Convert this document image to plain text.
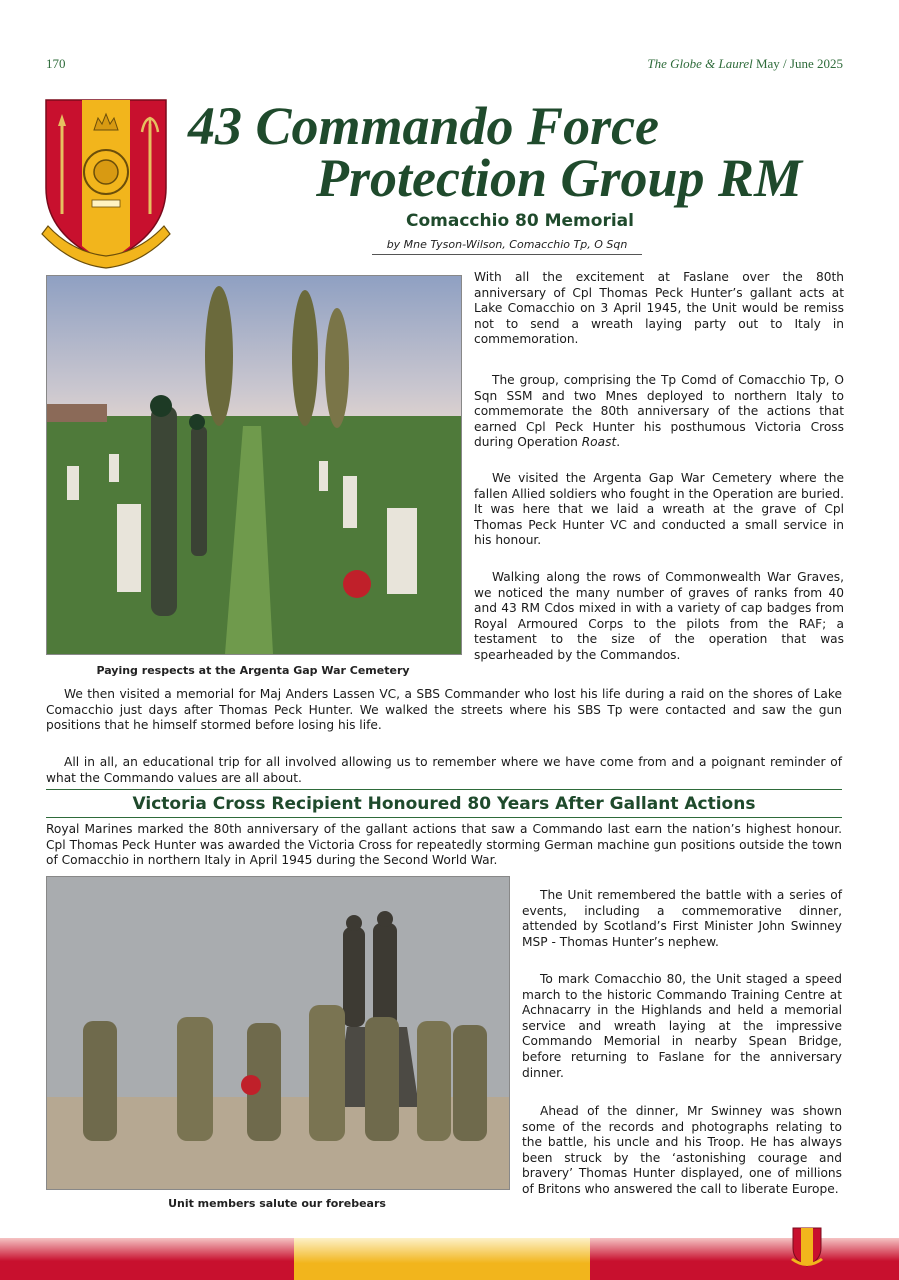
170	The Globe & Laurel May / June 2025
43 Commando Force
Protection Group RM
Comacchio 80 Memorial
by Mne Tyson-Wilson, Comacchio Tp, O Sqn
Paying respects at the Argenta Gap War Cemetery

With all the excitement at Faslane over the 80th anniversary of Cpl Thomas Peck Hunter’s gallant acts at Lake Comacchio on 3 April 1945, the Unit would be remiss not to send a wreath laying party out to Italy in commemoration.

The group, comprising the Tp Comd of Comacchio Tp, O Sqn SSM and two Mnes deployed to northern Italy to commemorate the 80th anniversary of the actions that earned Cpl Peck Hunter his posthumous Victoria Cross during Operation Roast.

We visited the Argenta Gap War Cemetery where the fallen Allied soldiers who fought in the Operation are buried. It was here that we laid a wreath at the grave of Cpl Thomas Peck Hunter VC and conducted a small service in his honour.

Walking along the rows of Commonwealth War Graves, we noticed the many number of graves of ranks from 40 and 43 RM Cdos mixed in with a variety of cap badges from Royal Armoured Corps to the pilots from the RAF; a testament to the size of the operation that was spearheaded by the Commandos.

We then visited a memorial for Maj Anders Lassen VC, a SBS Commander who lost his life during a raid on the shores of Lake Comacchio just days after Thomas Peck Hunter. We walked the streets where his SBS Tp were contacted and saw the gun positions that he himself stormed before losing his life.

All in all, an educational trip for all involved allowing us to remember where we have come from and a poignant reminder of what the Commando values are all about.

Victoria Cross Recipient Honoured 80 Years After Gallant Actions

Royal Marines marked the 80th anniversary of the gallant actions that saw a Commando last earn the nation’s highest honour. Cpl Thomas Peck Hunter was awarded the Victoria Cross for repeatedly storming German machine gun positions outside the town of Comacchio in northern Italy in April 1945 during the Second World War.

Unit members salute our forebears

The Unit remembered the battle with a series of events, including a commemorative dinner, attended by Scotland’s First Minister John Swinney MSP - Thomas Hunter’s nephew.

To mark Comacchio 80, the Unit staged a speed march to the historic Commando Training Centre at Achnacarry in the Highlands and held a memorial service and wreath laying at the impressive Commando Memorial in nearby Spean Bridge, before returning to Faslane for the anniversary dinner.

Ahead of the dinner, Mr Swinney was shown some of the records and photographs relating to the battle, his uncle and his Troop. He has always been struck by the ‘astonishing courage and bravery’ Thomas Hunter displayed, one of millions of Britons who answered the call to liberate Europe.
